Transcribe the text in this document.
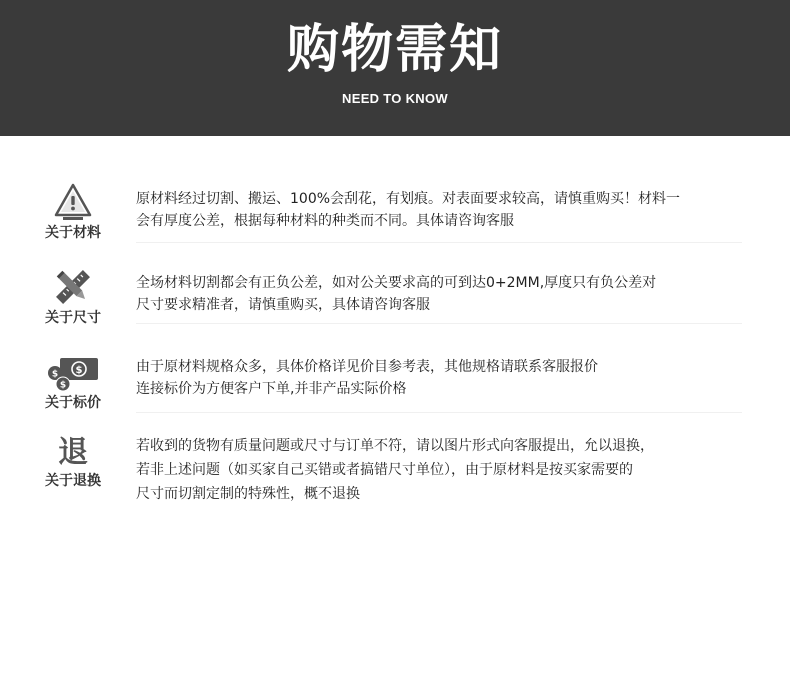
购物需知
NEED TO KNOW
关于材料

原材料经过切割、搬运、100%会刮花，有划痕。对表面要求较高，请慎重购买！材料一

会有厚度公差，根据每种材料的种类而不同。具体请咨询客服

关于尺寸

全场材料切割都会有正负公差，如对公关要求高的可到达0+2MM,厚度只有负公差对

尺寸要求精准者，请慎重购买，具体请咨询客服

$
$
$
关于标价

由于原材料规格众多，具体价格详见价目参考表，其他规格请联系客服报价

连接标价为方便客户下单,并非产品实际价格

退
关于退换

若收到的货物有质量问题或尺寸与订单不符，请以图片形式向客服提出，允以退换，

若非上述问题（如买家自己买错或者搞错尺寸单位），由于原材料是按买家需要的

尺寸而切割定制的特殊性，概不退换
